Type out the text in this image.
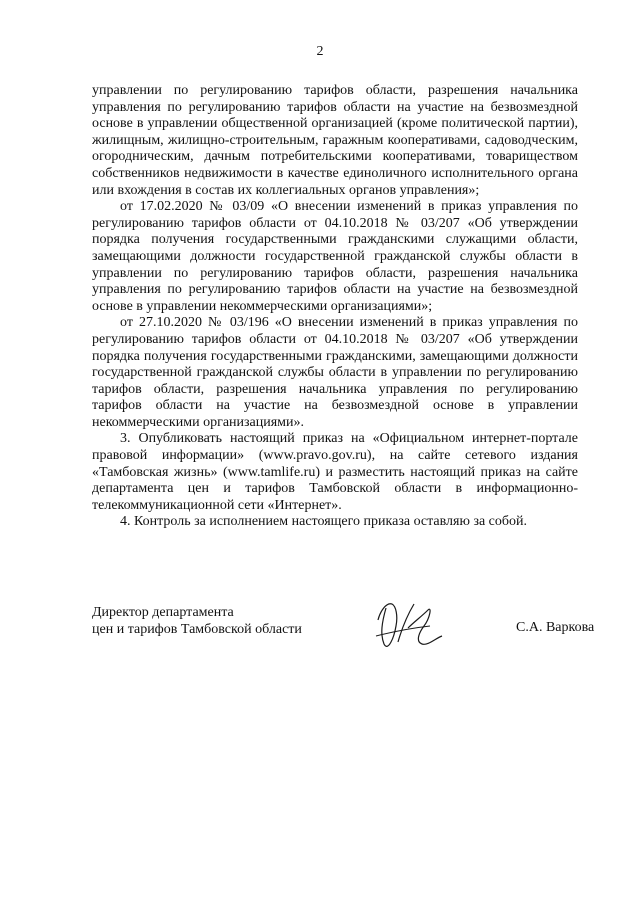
2

управлении по регулированию тарифов области, разрешения начальника управления по регулированию тарифов области на участие на безвозмездной основе в управлении общественной организацией (кроме политической партии), жилищным, жилищно-строительным, гаражным кооперативами, садоводческим, огородническим, дачным потребительскими кооперативами, товариществом собственников недвижимости в качестве единоличного исполнительного органа или вхождения в состав их коллегиальных органов управления»;

от 17.02.2020 № 03/09 «О внесении изменений в приказ управления по регулированию тарифов области от 04.10.2018 № 03/207 «Об утверждении порядка получения государственными гражданскими служащими области, замещающими должности государственной гражданской службы области в управлении по регулированию тарифов области, разрешения начальника управления по регулированию тарифов области на участие на безвозмездной основе в управлении некоммерческими организациями»;

от 27.10.2020 № 03/196 «О внесении изменений в приказ управления по регулированию тарифов области от 04.10.2018 № 03/207 «Об утверждении порядка получения государственными гражданскими, замещающими должности государственной гражданской службы области в управлении по регулированию тарифов области, разрешения начальника управления по регулированию тарифов области на участие на безвозмездной основе в управлении некоммерческими организациями».

3. Опубликовать настоящий приказ на «Официальном интернет-портале правовой информации» (www.pravo.gov.ru), на сайте сетевого издания «Тамбовская жизнь» (www.tamlife.ru) и разместить настоящий приказ на сайте департамента цен и тарифов Тамбовской области в информационно-телекоммуникационной сети «Интернет».

4. Контроль за исполнением настоящего приказа оставляю за собой.

Директор департамента
цен и тарифов Тамбовской области	С.А. Варкова
